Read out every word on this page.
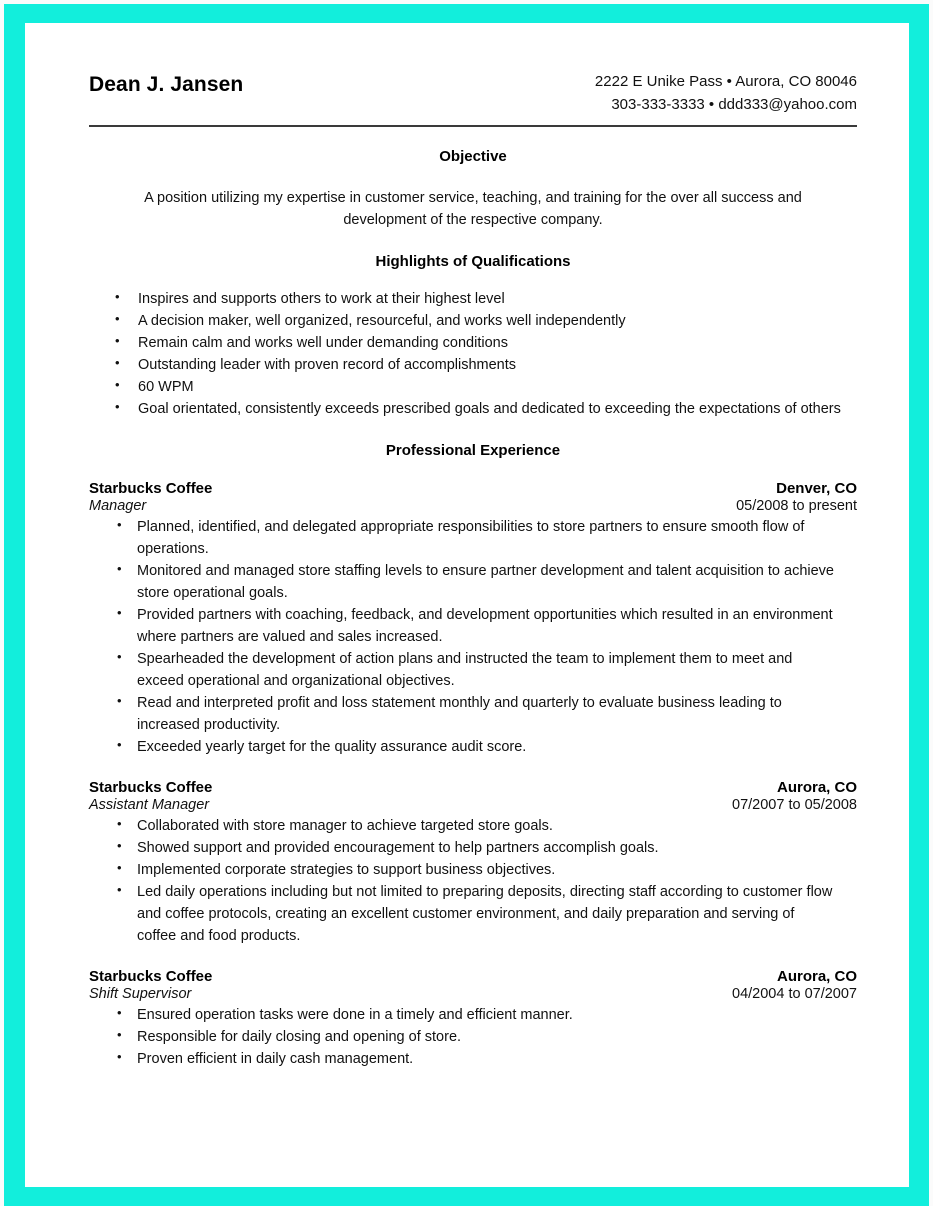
Dean J. Jansen	2222 E Unike Pass • Aurora, CO 80046
303-333-3333 • ddd333@yahoo.com
Objective
A position utilizing my expertise in customer service, teaching, and training for the over all success and development of the respective company.
Highlights of Qualifications
• Inspires and supports others to work at their highest level
• A decision maker, well organized, resourceful, and works well independently
• Remain calm and works well under demanding conditions
• Outstanding leader with proven record of accomplishments
• 60 WPM
• Goal orientated, consistently exceeds prescribed goals and dedicated to exceeding the expectations of others
Professional Experience
Starbucks Coffee	Denver, CO
Manager	05/2008 to present
• Planned, identified, and delegated appropriate responsibilities to store partners to ensure smooth flow of operations.
• Monitored and managed store staffing levels to ensure partner development and talent acquisition to achieve store operational goals.
• Provided partners with coaching, feedback, and development opportunities which resulted in an environment where partners are valued and sales increased.
• Spearheaded the development of action plans and instructed the team to implement them to meet and exceed operational and organizational objectives.
• Read and interpreted profit and loss statement monthly and quarterly to evaluate business leading to increased productivity.
• Exceeded yearly target for the quality assurance audit score.
Starbucks Coffee	Aurora, CO
Assistant Manager	07/2007 to 05/2008
• Collaborated with store manager to achieve targeted store goals.
• Showed support and provided encouragement to help partners accomplish goals.
• Implemented corporate strategies to support business objectives.
• Led daily operations including but not limited to preparing deposits, directing staff according to customer flow and coffee protocols, creating an excellent customer environment, and daily preparation and serving of coffee and food products.
Starbucks Coffee	Aurora, CO
Shift Supervisor	04/2004 to 07/2007
• Ensured operation tasks were done in a timely and efficient manner.
• Responsible for daily closing and opening of store.
• Proven efficient in daily cash management.
